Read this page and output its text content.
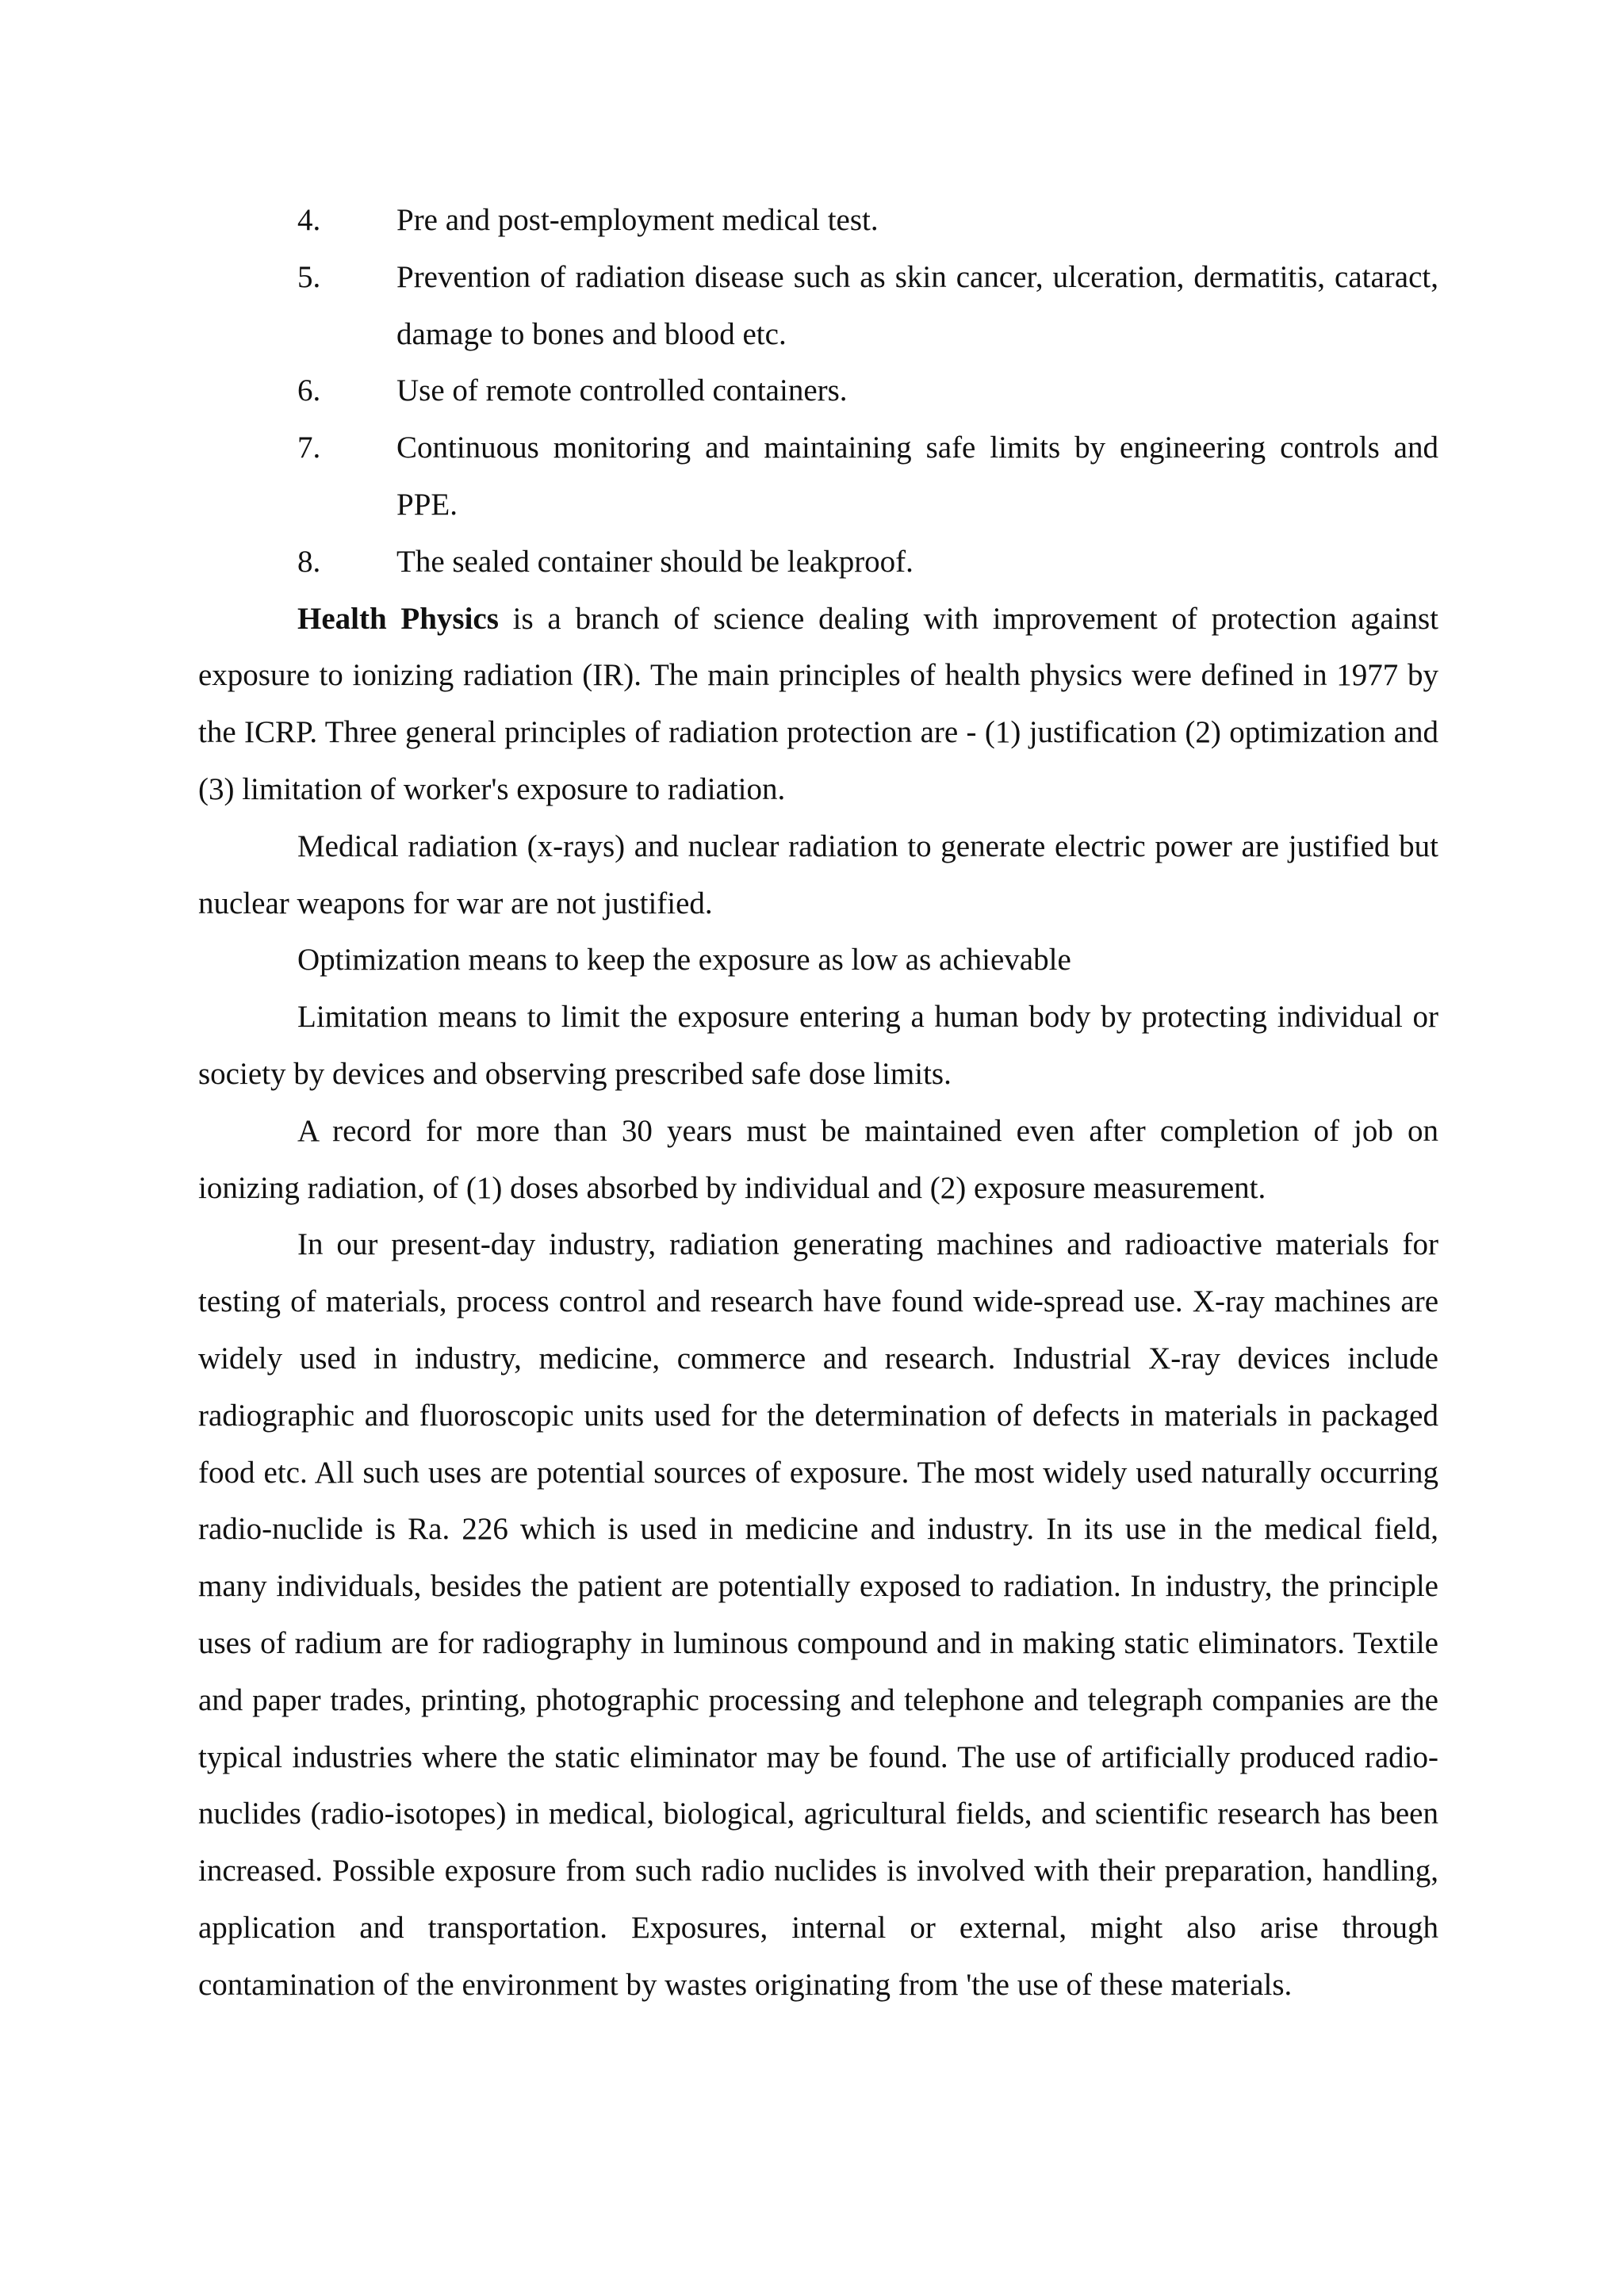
4.	Pre and post-employment medical test.
5.	Prevention of radiation disease such as skin cancer, ulceration, dermatitis, cataract, damage to bones and blood etc.
6.	Use of remote controlled containers.
7.	Continuous monitoring and maintaining safe limits by engineering controls and PPE.
8.	The sealed container should be leakproof.

Health Physics is a branch of science dealing with improvement of protection against exposure to ionizing radiation (IR). The main principles of health physics were defined in 1977 by the ICRP. Three general principles of radiation protection are - (1) justification (2) optimization and (3) limitation of worker's exposure to radiation.

Medical radiation (x-rays) and nuclear radiation to generate electric power are justified but nuclear weapons for war are not justified.

Optimization means to keep the exposure as low as achievable

Limitation means to limit the exposure entering a human body by protecting individual or society by devices and observing prescribed safe dose limits.

A record for more than 30 years must be maintained even after completion of job on ionizing radiation, of (1) doses absorbed by individual and (2) exposure measurement.

In our present-day industry, radiation generating machines and radioactive materials for testing of materials, process control and research have found wide-spread use. X-ray machines are widely used in industry, medicine, commerce and research. Industrial X-ray devices include radiographic and fluoroscopic units used for the determination of defects in materials in packaged food etc. All such uses are potential sources of exposure. The most widely used naturally occurring radio-nuclide is Ra. 226 which is used in medicine and industry. In its use in the medical field, many individuals, besides the patient are potentially exposed to radiation. In industry, the principle uses of radium are for radiography in luminous compound and in making static eliminators. Textile and paper trades, printing, photographic processing and telephone and telegraph companies are the typical industries where the static eliminator may be found. The use of artificially produced radio-nuclides (radio-isotopes) in medical, biological, agricultural fields, and scientific research has been increased. Possible exposure from such radio nuclides is involved with their preparation, handling, application and transportation. Exposures, internal or external, might also arise through contamination of the environment by wastes originating from 'the use of these materials.
